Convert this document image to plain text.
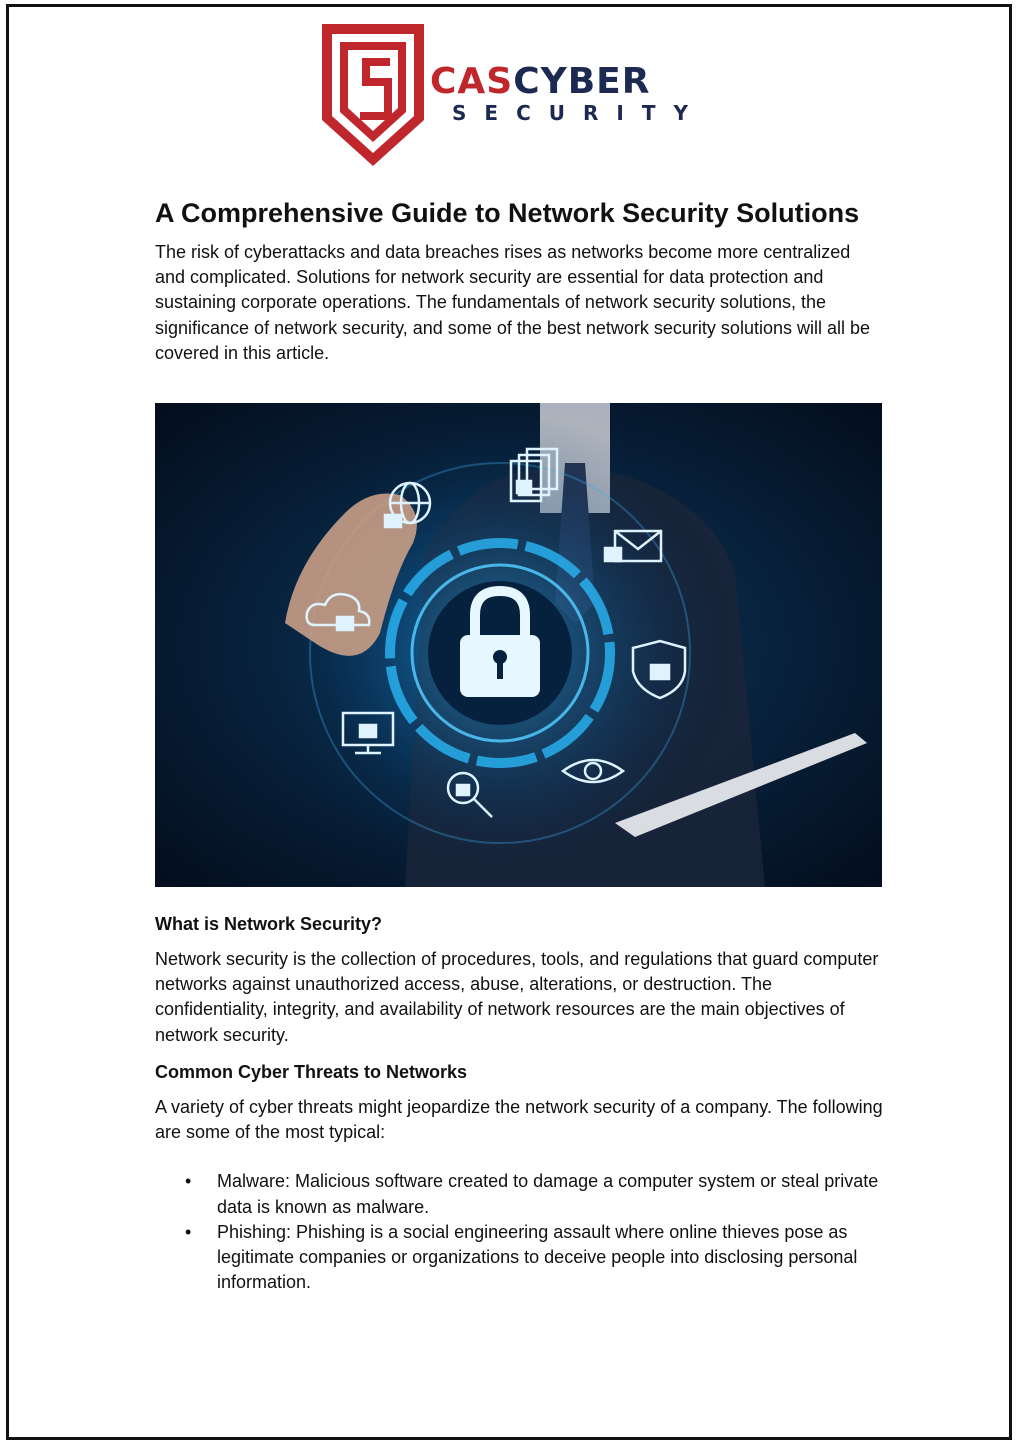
CASCYBER
SECURITY
A Comprehensive Guide to Network Security Solutions

The risk of cyberattacks and data breaches rises as networks become more centralized and complicated. Solutions for network security are essential for data protection and sustaining corporate operations. The fundamentals of network security solutions, the significance of network security, and some of the best network security solutions will all be covered in this article.

What is Network Security?

Network security is the collection of procedures, tools, and regulations that guard computer networks against unauthorized access, abuse, alterations, or destruction. The confidentiality, integrity, and availability of network resources are the main objectives of network security.

Common Cyber Threats to Networks

A variety of cyber threats might jeopardize the network security of a company. The following are some of the most typical:

• Malware: Malicious software created to damage a computer system or steal private data is known as malware.
• Phishing: Phishing is a social engineering assault where online thieves pose as legitimate companies or organizations to deceive people into disclosing personal information.
